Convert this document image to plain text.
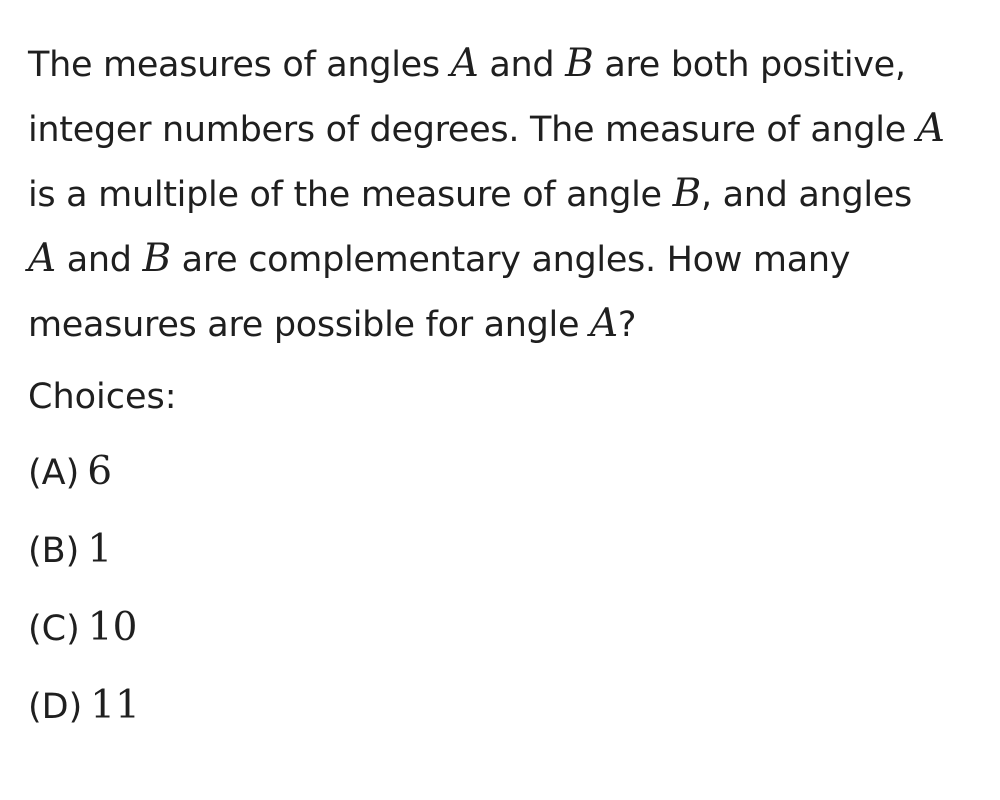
The measures of angles A and B are both positive, integer numbers of degrees. The measure of angle A is a multiple of the measure of angle B, and angles
A and B are complementary angles. How many measures are possible for angle A?

Choices:
(A) 6
(B) 1
(C) 10
(D) 11
